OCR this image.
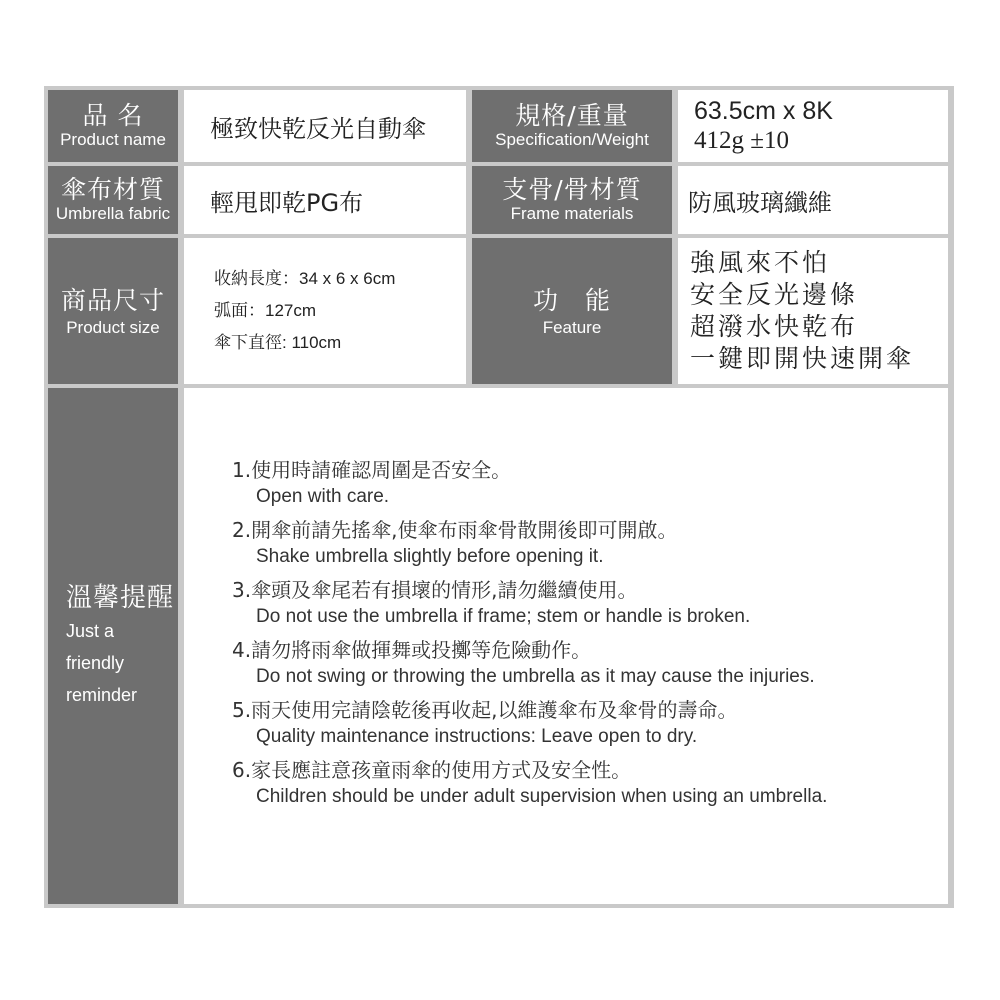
品 名
Product name 極致快乾反光自動傘	規格/重量
Specification/Weight
63.5cm x 8K
412g ±10
傘布材質
Umbrella fabric 輕甩即乾PG布	支骨/骨材質
Frame materials 防風玻璃纖維
商品尺寸
Product size
收納長度：34 x 6 x 6cm
弧面：127cm
傘下直徑: 110cm
功　能
Feature
強風來不怕
安全反光邊條
超潑水快乾布
一鍵即開快速開傘
溫馨提醒
Just a
friendly
reminder
1.使用時請確認周圍是否安全。
Open with care.
2.開傘前請先搖傘,使傘布雨傘骨散開後即可開啟。
Shake umbrella slightly before opening it.
3.傘頭及傘尾若有損壞的情形,請勿繼續使用。
Do not use the umbrella if frame; stem or handle is broken.
4.請勿將雨傘做揮舞或投擲等危險動作。
Do not swing or throwing the umbrella as it may cause the injuries.
5.雨天使用完請陰乾後再收起,以維護傘布及傘骨的壽命。
Quality maintenance instructions: Leave open to dry.
6.家長應註意孩童雨傘的使用方式及安全性。
Children should be under adult supervision when using an umbrella.
